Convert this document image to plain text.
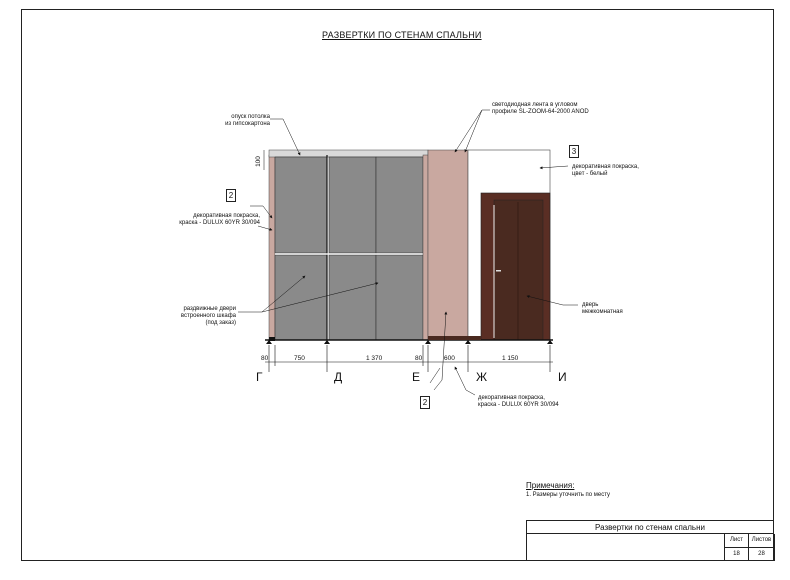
РАЗВЕРТКИ ПО СТЕНАМ СПАЛЬНИ
опуск потолка
из гипсокартона
светодиодная лента в угловом
профиле SL-ZOOM-64-2000 ANOD
декоративная покраска,
цвет - белый
декоративная покраска,
краска - DULUX 60YR 30/094
раздвижные двери
встроенного шкафа
(под заказ)
дверь
межкомнатная
декоративная покраска,
краска - DULUX 60YR 30/094
2
3
2
100
80	750	1 370	80	600	1 150
Г	Д	Е	Ж	И
Примечания:
1. Размеры уточнить по месту
Развертки по стенам спальни
Лист	Листов
18	28
